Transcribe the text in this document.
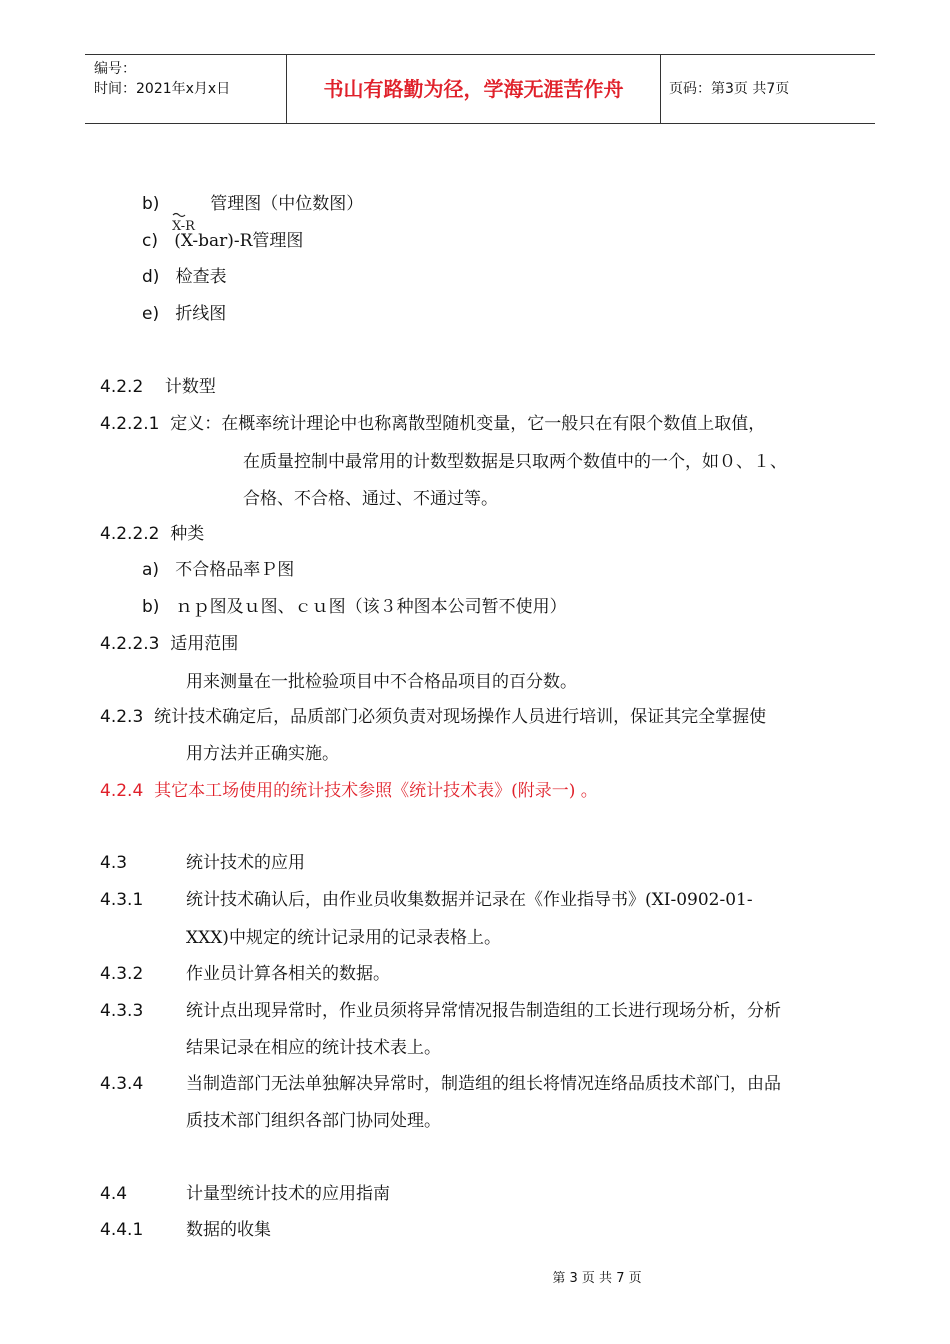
编号：
时间：2021年x月x日	书山有路勤为径，学海无涯苦作舟	页码：第3页 共7页
b)
X-R
管理图（中位数图）
c) (X-bar)-R管理图
d) 检查表
e) 折线图
4.2.2 计数型
4.2.2.1 定义：在概率统计理论中也称离散型随机变量，它一般只在有限个数值上取值，
在质量控制中最常用的计数型数据是只取两个数值中的一个，如０、１、
合格、不合格、通过、不通过等。
4.2.2.2 种类
a) 不合格品率Ｐ图
b) ｎｐ图及ｕ图、ｃｕ图（该３种图本公司暂不使用）
4.2.2.3 适用范围
用来测量在一批检验项目中不合格品项目的百分数。
4.2.3 统计技术确定后，品质部门必须负责对现场操作人员进行培训，保证其完全掌握使
用方法并正确实施。
4.2.4 其它本工场使用的统计技术参照《统计技术表》(附录一) 。
4.3	统计技术的应用
4.3.1	统计技术确认后，由作业员收集数据并记录在《作业指导书》(XI-0902-01-
XXX)中规定的统计记录用的记录表格上。
4.3.2	作业员计算各相关的数据。
4.3.3	统计点出现异常时，作业员须将异常情况报告制造组的工长进行现场分析，分析
结果记录在相应的统计技术表上。
4.3.4	当制造部门无法单独解决异常时，制造组的组长将情况连络品质技术部门，由品
质技术部门组织各部门协同处理。
4.4	计量型统计技术的应用指南
4.4.1	数据的收集
第 3 页 共 7 页
